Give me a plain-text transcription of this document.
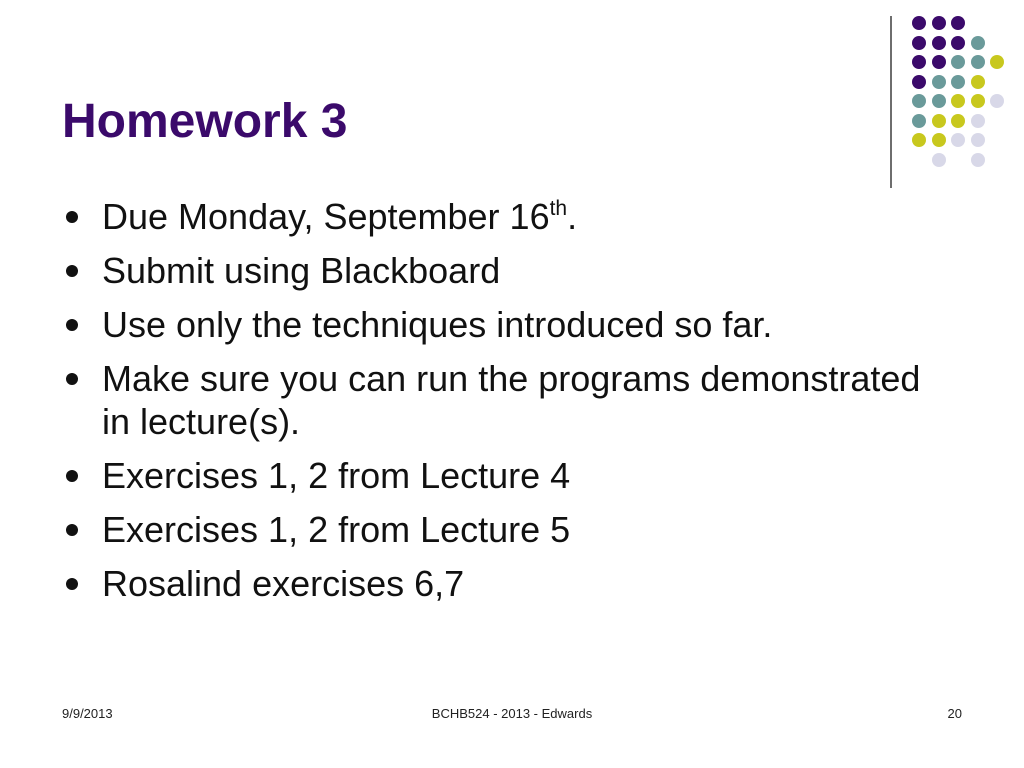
Homework 3
Due Monday, September 16th.
Submit using Blackboard
Use only the techniques introduced so far.
Make sure you can run the programs demonstrated in lecture(s).
Exercises 1, 2 from Lecture 4
Exercises 1, 2 from Lecture 5
Rosalind exercises 6,7
9/9/2013	BCHB524 - 2013 - Edwards	20
